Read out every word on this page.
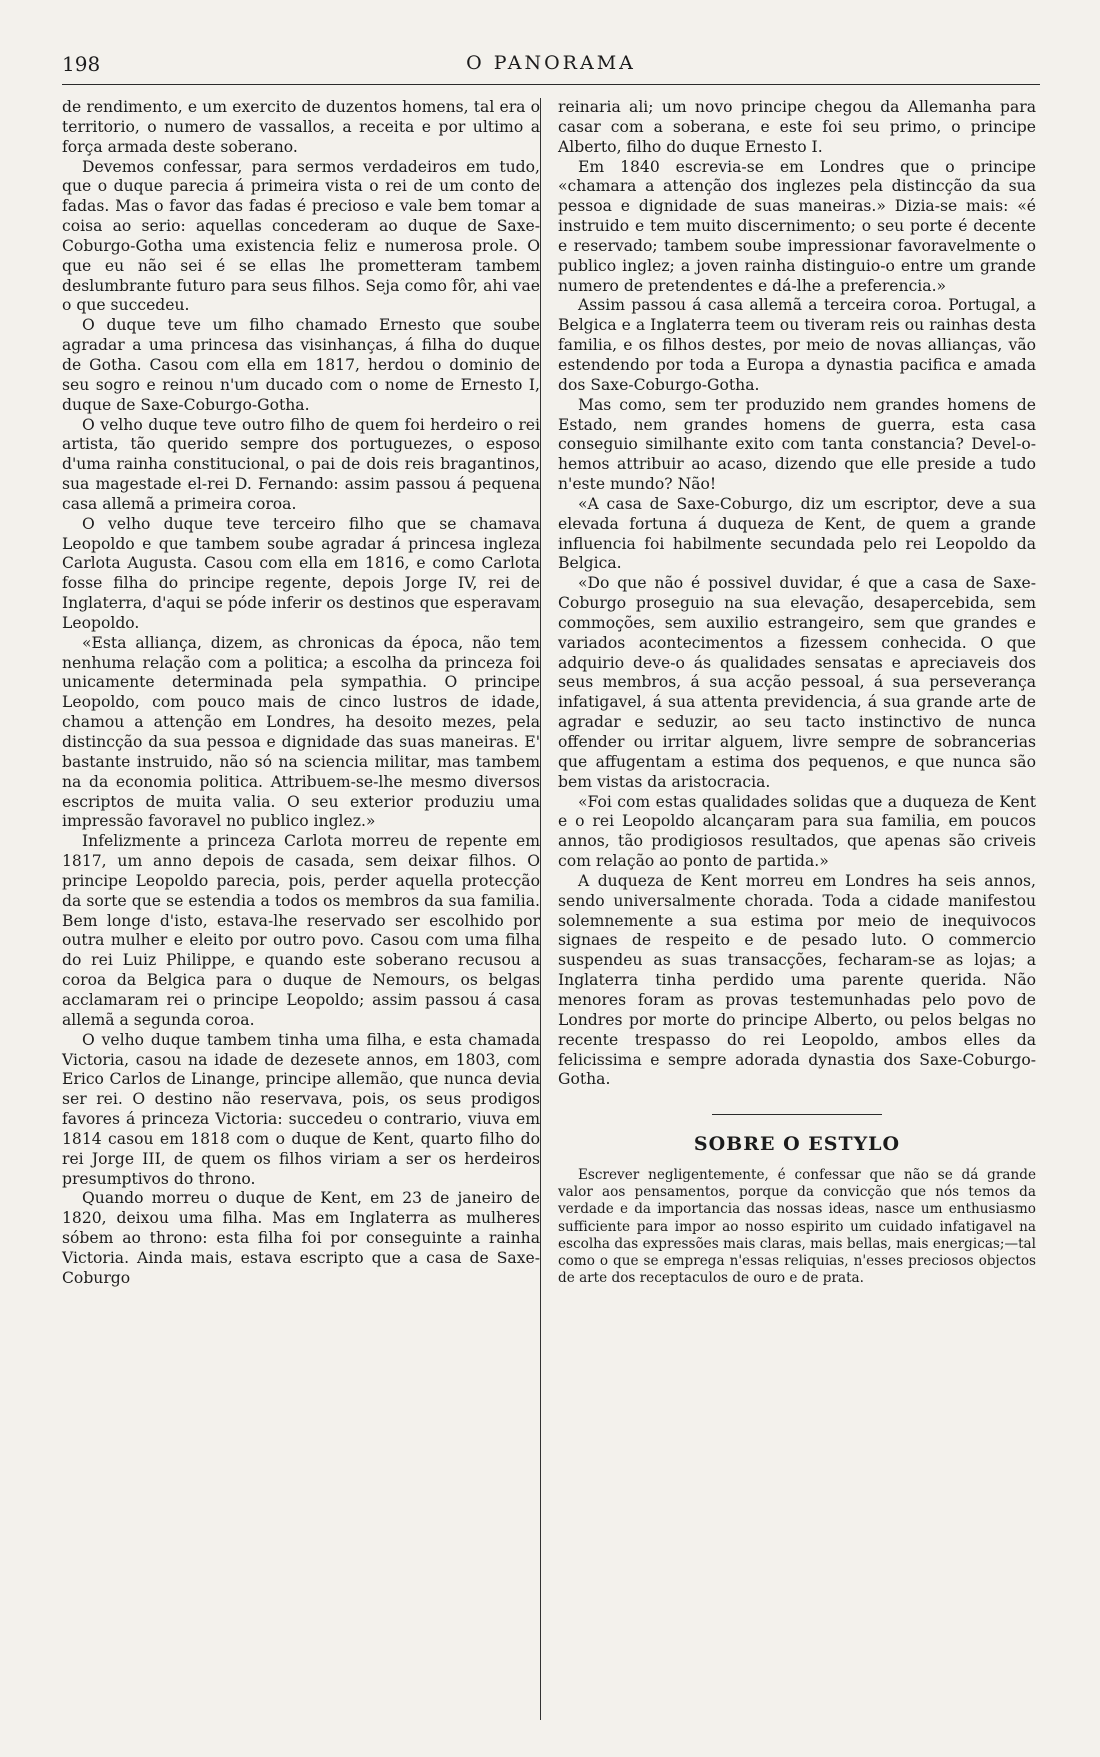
198	O PANORAMA

de rendimento, e um exercito de duzentos homens, tal era o territorio, o numero de vassallos, a receita e por ultimo a força armada deste soberano.

Devemos confessar, para sermos verdadeiros em tudo, que o duque parecia á primeira vista o rei de um conto de fadas. Mas o favor das fadas é precioso e vale bem tomar a coisa ao serio: aquellas concederam ao duque de Saxe-Coburgo-Gotha uma existencia feliz e numerosa prole. O que eu não sei é se ellas lhe prometteram tambem deslumbrante futuro para seus filhos. Seja como fôr, ahi vae o que succedeu.

O duque teve um filho chamado Ernesto que soube agradar a uma princesa das visinhanças, á filha do duque de Gotha. Casou com ella em 1817, herdou o dominio de seu sogro e reinou n'um ducado com o nome de Ernesto I, duque de Saxe-Coburgo-Gotha.

O velho duque teve outro filho de quem foi herdeiro o rei artista, tão querido sempre dos portuguezes, o esposo d'uma rainha constitucional, o pai de dois reis bragantinos, sua magestade el-rei D. Fernando: assim passou á pequena casa allemã a primeira coroa.

O velho duque teve terceiro filho que se chamava Leopoldo e que tambem soube agradar á princesa ingleza Carlota Augusta. Casou com ella em 1816, e como Carlota fosse filha do principe regente, depois Jorge IV, rei de Inglaterra, d'aqui se póde inferir os destinos que esperavam Leopoldo.

«Esta alliança, dizem, as chronicas da época, não tem nenhuma relação com a politica; a escolha da princeza foi unicamente determinada pela sympathia. O principe Leopoldo, com pouco mais de cinco lustros de idade, chamou a attenção em Londres, ha desoito mezes, pela distincção da sua pessoa e dignidade das suas maneiras. E' bastante instruido, não só na sciencia militar, mas tambem na da economia politica. Attribuem-se-lhe mesmo diversos escriptos de muita valia. O seu exterior produziu uma impressão favoravel no publico inglez.»

Infelizmente a princeza Carlota morreu de repente em 1817, um anno depois de casada, sem deixar filhos. O principe Leopoldo parecia, pois, perder aquella protecção da sorte que se estendia a todos os membros da sua familia. Bem longe d'isto, estava-lhe reservado ser escolhido por outra mulher e eleito por outro povo. Casou com uma filha do rei Luiz Philippe, e quando este soberano recusou a coroa da Belgica para o duque de Nemours, os belgas acclamaram rei o principe Leopoldo; assim passou á casa allemã a segunda coroa.

O velho duque tambem tinha uma filha, e esta chamada Victoria, casou na idade de dezesete annos, em 1803, com Erico Carlos de Linange, principe allemão, que nunca devia ser rei. O destino não reservava, pois, os seus prodigos favores á princeza Victoria: succedeu o contrario, viuva em 1814 casou em 1818 com o duque de Kent, quarto filho do rei Jorge III, de quem os filhos viriam a ser os herdeiros presumptivos do throno.

Quando morreu o duque de Kent, em 23 de janeiro de 1820, deixou uma filha. Mas em Inglaterra as mulheres sóbem ao throno: esta filha foi por conseguinte a rainha Victoria. Ainda mais, estava escripto que a casa de Saxe-Coburgo

reinaria ali; um novo principe chegou da Allemanha para casar com a soberana, e este foi seu primo, o principe Alberto, filho do duque Ernesto I.

Em 1840 escrevia-se em Londres que o principe «chamara a attenção dos inglezes pela distincção da sua pessoa e dignidade de suas maneiras.» Dizia-se mais: «é instruido e tem muito discernimento; o seu porte é decente e reservado; tambem soube impressionar favoravelmente o publico inglez; a joven rainha distinguio-o entre um grande numero de pretendentes e dá-lhe a preferencia.»

Assim passou á casa allemã a terceira coroa. Portugal, a Belgica e a Inglaterra teem ou tiveram reis ou rainhas desta familia, e os filhos destes, por meio de novas allianças, vão estendendo por toda a Europa a dynastia pacifica e amada dos Saxe-Coburgo-Gotha.

Mas como, sem ter produzido nem grandes homens de Estado, nem grandes homens de guerra, esta casa conseguio similhante exito com tanta constancia? Devel-o-hemos attribuir ao acaso, dizendo que elle preside a tudo n'este mundo? Não!

«A casa de Saxe-Coburgo, diz um escriptor, deve a sua elevada fortuna á duqueza de Kent, de quem a grande influencia foi habilmente secundada pelo rei Leopoldo da Belgica.

«Do que não é possivel duvidar, é que a casa de Saxe-Coburgo proseguio na sua elevação, desapercebida, sem commoções, sem auxilio estrangeiro, sem que grandes e variados acontecimentos a fizessem conhecida. O que adquirio deve-o ás qualidades sensatas e apreciaveis dos seus membros, á sua acção pessoal, á sua perseverança infatigavel, á sua attenta previdencia, á sua grande arte de agradar e seduzir, ao seu tacto instinctivo de nunca offender ou irritar alguem, livre sempre de sobrancerias que affugentam a estima dos pequenos, e que nunca são bem vistas da aristocracia.

«Foi com estas qualidades solidas que a duqueza de Kent e o rei Leopoldo alcançaram para sua familia, em poucos annos, tão prodigiosos resultados, que apenas são criveis com relação ao ponto de partida.»

A duqueza de Kent morreu em Londres ha seis annos, sendo universalmente chorada. Toda a cidade manifestou solemnemente a sua estima por meio de inequivocos signaes de respeito e de pesado luto. O commercio suspendeu as suas transacções, fecharam-se as lojas; a Inglaterra tinha perdido uma parente querida. Não menores foram as provas testemunhadas pelo povo de Londres por morte do principe Alberto, ou pelos belgas no recente trespasso do rei Leopoldo, ambos elles da felicissima e sempre adorada dynastia dos Saxe-Coburgo-Gotha.

SOBRE O ESTYLO

Escrever negligentemente, é confessar que não se dá grande valor aos pensamentos, porque da convicção que nós temos da verdade e da importancia das nossas ideas, nasce um enthusiasmo sufficiente para impor ao nosso espirito um cuidado infatigavel na escolha das expressões mais claras, mais bellas, mais energicas;—tal como o que se emprega n'essas reliquias, n'esses preciosos objectos de arte dos receptaculos de ouro e de prata.
